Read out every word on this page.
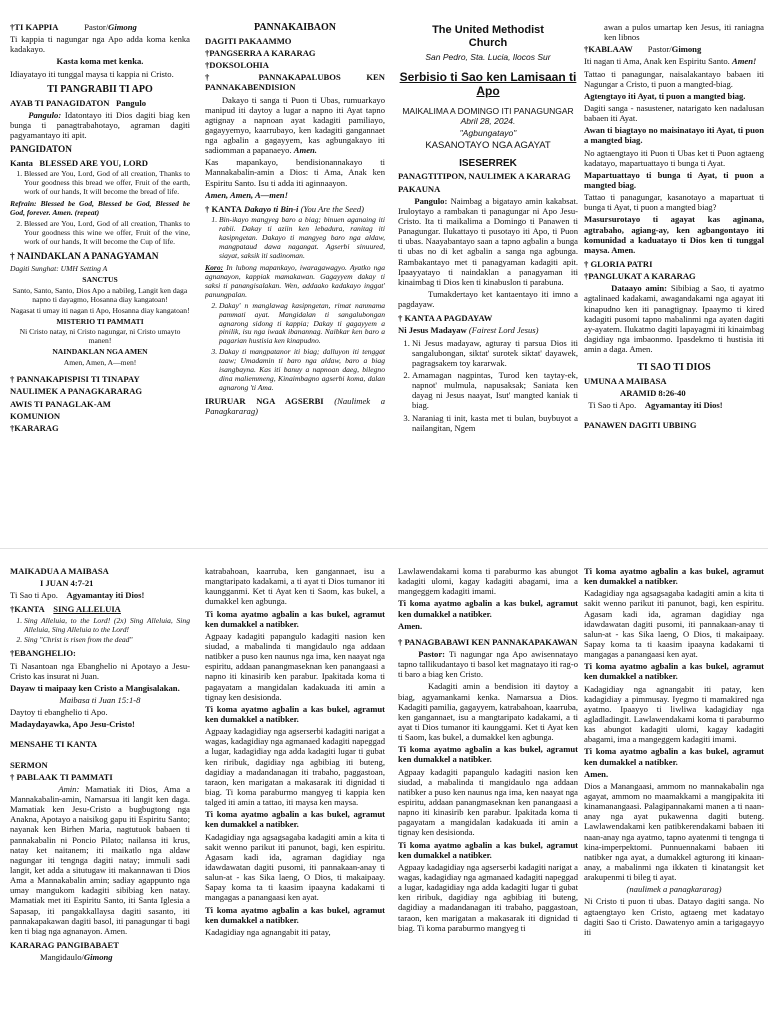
†TI KAPPIA	Pastor/Gimong

Ti kappia ti nagungar nga Apo adda koma kenka kadakayo.

Kasta koma met kenka.

Idiayatayo iti tunggal maysa ti kappia ni Cristo.

TI PANGRABII TI APO

AYAB TI PANAGIDATON Pangulo

Pangulo: Idatontayo iti Dios dagiti biag ken bunga ti panagtrabahotayo, agraman dagiti pagyamantayo iti apit.

PANGIDATON

Kanta BLESSED ARE YOU, LORD

1. Blessed are You, Lord, God of all creation, Thanks to Your goodness this bread we offer, Fruit of the earth, work of our hands, It will become the bread of life.

Refrain: Blessed be God, Blessed be God, Blessed be God, forever. Amen. (repeat)

2. Blessed are You, Lord, God of all creation, Thanks to Your goodness this wine we offer, Fruit of the vine, work of our hands, It will become the Cup of life.

† NAINDAKLAN A PANAGYAMAN

Dagiti Sunghat: UMH Setting A

SANCTUS

Santo, Santo, Santo, Dios Apo a nabileg, Langit ken daga napno ti dayagmo, Hosanna diay kangatoan!

Nagasat ti umay iti nagan ti Apo, Hosanna diay kangatoan!

MISTERIO TI PAMMATI

Ni Cristo natay, ni Cristo nagungar, ni Cristo umayto manen!

NAINDAKLAN NGA AMEN

Amen, Amen, A—men!

† PANNAKAPISPISI TI TINAPAY

NAULIMEK A PANAGKARARAG

AWIS TI PANAGLAK-AM

KOMUNION

†KARARAG

PANNAKAIBAON

DAGITI PAKAAMMO

†PANGSERRA A KARARAG

†DOKSOLOHIA

† PANNAKAPALUBOS KEN PANNAKABENDISION

Dakayo ti sanga ti Puon ti Ubas, rumuarkayo manipud iti daytoy a lugar a napno iti Ayat tapno agtignay a napnoan ayat kadagiti pamiliayo, gagayyemyo, kaarrubayo, ken kadagiti gangannaet nga agbalin a gagayyem, kas agbungakayo iti sadiomman a papanaeyo. Amen.

Kas mapankayo, bendisionannakayo ti Mannakabalin-amin a Dios: ti Ama, Anak ken Espiritu Santo. Isu ti adda iti aginnaayon.

Amen, Amen, A—men!

† KANTA Dakayo ti Bin-i (You Are the Seed)

1. Bin-ikayo mangyeg baro a biag; binuen aganaing iti rabii. Dakay ti aziin ken lebadura, ranitag iti kasipngetan. Dakayo ti mangyeg baro nga aldaw, mangpataud dawa nagangat. Agserbi sinuured, siayat, saksik iti sadinoman.

Koro: In lubong mapankayo, iwaragawagyo. Ayatko nga agnanayon, kappiak mamakawan. Gagayyem dakay ti saksi ti panangisalakan. Wen, addaako kadakayo inggat' panungpalan.

2. Dakay' n manglawag kasipngetan, rimat nanmama pammati ayat. Mangidalan ti sangalubongan agnarong sidong ti kappia; Dakay ti gagayyem a pinilik, isu nga iwaak ibanannag. Naibkar ken baro a pagarian hustisia ken kinapudno.
3. Dakay ti mangpatanor iti biag; dalluyon iti tenggat taaw; Umadamin ti baro nga aldaw, baro a biag isangbayna. Kas iti banuy a napnoan daeg, bilegno dina maliemmeng, Kinaimbagno agserbi koma, dalan agnarong 'ti Ama.

IRURUAR NGA AGSERBI (Naulimek a Panagkararag)

The United Methodist Church

San Pedro, Sta. Lucia, Ilocos Sur

Serbisio ti Sao ken Lamisaan ti Apo

MAIKALIMA A DOMINGO ITI PANAGUNGAR Abril 28, 2024.

"Agbungatayo"

KASANOTAYO NGA AGAYAT

ISESERREK

PANAGTITIPON, NAULIMEK A KARARAG

PAKAUNA

Pangulo: Naimbag a bigatayo amin kakabsat. Iruloytayo a rambakan ti panagungar ni Apo Jesu-Cristo. Ita ti maikalima a Domingo ti Panawen ti Panagungar. Ilukattayo ti pusotayo iti Apo, ti Puon ti ubas. Naayabantayo saan a tapno agbalin a bunga ti ubas no di ket agbalin a sanga nga agbunga. Rambakantayo met ti panagyaman kadagiti apit. Ipaayyatayo ti naindaklan a panagyaman iti kinaimbag ti Dios ken ti kinabuslon ti parabuna.

Tumakdertayo ket kantaentayo iti imno a pagdayaw.

† KANTA A PAGDAYAW

Ni Jesus Madayaw (Fairest Lord Jesus)

1. Ni Jesus madayaw, agturay ti parsua Dios iti sangalubongan, siktat' surotek siktat' dayawek, pagragsakem toy kararwak.
2. Amamagan nagpintas, Turod ken taytay-ek, napnot' mulmula, napusaksak; Saniata ken dayag ni Jesus naayat, Isut' mangted kaniak ti biag.
3. Naraniag ti init, kasta met ti bulan, buybuyot a nailangitan, Ngem

awan a pulos umartap ken Jesus, iti raniagna ken libnos

†KABLAAW Pastor/Gimong

Iti nagan ti Ama, Anak ken Espiritu Santo. Amen!

Tattao ti panagungar, naisalakantayo babaen iti Nagungar a Cristo, ti puon a mangted-biag.

Agtengtayo iti Ayat, ti puon a mangted biag.

Dagiti sanga - nasustener, natarigato ken nadalusan babaen iti Ayat.

Awan ti biagtayo no maisinatayo iti Ayat, ti puon a mangted biag.

No agtaengtayo iti Puon ti Ubas ket ti Puon agtaeng kadatayo, mapartuattayo ti bunga ti Ayat.

Mapartuattayo ti bunga ti Ayat, ti puon a mangted biag.

Tattao ti panagungar, kasanotayo a mapartuat ti bunga ti Ayat, ti puon a mangted biag?

Masursurotayo ti agayat kas aginana, agtrabaho, agiang-ay, ken agbangontayo iti komunidad a kaduatayo ti Dios ken ti tunggal maysa. Amen.

† GLORIA PATRI

†PANGLUKAT A KARARAG

Dataayo amin: Sibibiag a Sao, ti ayatmo agtalinaed kadakami, awagandakami nga agayat iti kinapudno ken iti panagtignay. Ipaaymo ti kired kadagiti pusomi tapno mabalinmi nga ayaten dagiti ay-ayatem. Ilukatmo dagiti lapayagmi iti kinaimbag dagidiay nga imbaonmo. Ipasdekmo ti hustisia iti amin a daga. Amen.

TI SAO TI DIOS

UMUNA A MAIBASA

ARAMID 8:26-40

Ti Sao ti Apo. Agyamantay iti Dios!

PANAWEN DAGITI UBBING

MAIKADUA A MAIBASA

I JUAN 4:7-21

Ti Sao ti Apo. Agyamantay iti Dios!

†KANTA SING ALLELUIA

1. Sing Alleluia, to the Lord! (2x) Sing Alleluia, Sing Alleluia, Sing Alleluia to the Lord!
2. Sing "Christ is risen from the dead"

†EBANGHELIO:

Ti Nasantoan nga Ebanghelio ni Apotayo a Jesu-Cristo kas insurat ni Juan.

Dayaw ti maipaay ken Cristo a Mangisalakan.

Maibasa ti Juan 15:1-8

Daytoy ti ebanghelio ti Apo.

Madaydayawka, Apo Jesu-Cristo!

MENSAHE TI KANTA

SERMON

† PABLAAK TI PAMMATI

Amin: Mamatiak iti Dios, Ama a Mannakabalin-amin, Namarsua iti langit ken daga. Mamatiak ken Jesu-Cristo a bugbugtong nga Anakna, Apotayo a naisikog gapu iti Espiritu Santo; nayanak ken Birhen Maria, nagtutuok babaen ti pannakabalin ni Poncio Pilato; nailansa iti krus, natay ket naitanem; iti maikatlo nga aldaw nagungar iti tengnga dagiti natay; immuli sadi langit, ket adda a situtugaw iti makannawan ti Dios Ama a Mannakabalin amin; sadiay agappunto nga umay mangukom kadagiti sibibiag ken natay. Mamatiak met iti Espiritu Santo, iti Santa Iglesia a Sapasap, iti pangakkallaysa dagiti sasanto, iti pannakapakawan dagiti basol, iti panagungar ti bagi ken ti biag nga agnanayon. Amen.

KARARAG PANGIBABAET

Mangidaulo/Gimong

katrabahoan, kaarruba, ken gangannaet, isu a mangtaripato kadakami, a ti ayat ti Dios tumanor iti kaungganmi. Ket ti Ayat ken ti Saom, kas bukel, a dumakkel ken agbunga.

Ti koma ayatmo agbalin a kas bukel, agramut ken dumakkel a natibker.

Agpaay kadagiti papangulo kadagiti nasion ken siudad, a mabalinda ti mangidaulo nga addaan natibker a puso ken naunus nga ima, ken naayat nga espiritu, addaan panangmaseknan ken panangaasi a napno iti kinasirib ken parabur. Ipakitada koma ti pagayatam a mangidalan kadakuada iti amin a tignay ken desisionda.

Ti koma ayatmo agbalin a kas bukel, agramut ken dumakkel a natibker.

Agpaay kadagidiay nga agserserbi kadagiti narigat a wagas, kadagidiay nga agmanaed kadagiti napeggad a lugar, kadagidiay nga adda kadagiti lugar ti gubat ken riribuk, dagidiay nga agbibiag iti buteng, dagidiay a madandanagan iti trabaho, paggastoan, taraon, ken marigatan a makasarak iti dignidad ti biag. Ti koma paraburmo mangyeg ti kappia ken talged iti amin a tattao, iti maysa ken maysa.

Ti koma ayatmo agbalin a kas bukel, agramut ken dumakkel a natibker.

Kadagidiay nga agsagsagaba kadagiti amin a kita ti sakit wenno parikut iti panunot, bagi, ken espiritu. Agasam kadi ida, agraman dagidiay nga idawdawatan dagiti pusomi, iti pannakaan-anay ti salun-at - kas Sika laeng, O Dios, ti makaipaay. Sapay koma ta ti kaasim ipaayna kadakami ti mangagas a panangaasi ken ayat.

Ti koma ayatmo agbalin a kas bukel, agramut ken dumakkel a natibker.

Kadagidiay nga agnangabit iti patay,

Lawlawendakami koma ti paraburmo kas abungot kadagiti ulomi, kagay kadagiti abagami, ima a mangeggem kadagiti imami.

Ti koma ayatmo agbalin a kas bukel, agramut ken dumakkel a natibker.

Amen.

† PANAGBABAWI KEN PANNAKAPAKAWAN

Pastor: Ti nagungar nga Apo awisennatayo tapno tallikudantayo ti basol ket magnatayo iti rag-o ti baro a biag ken Cristo.

Kadagiti amin a bendision iti daytoy a biag, agyamankami kenka. Namarsua a Dios. Kadagiti pamilia, gagayyem, katrabahoan, kaarruba, ken gangannaet, isu a mangtaripato kadakami, a ti ayat ti Dios tumanor iti kaunggami. Ket ti Ayat ken ti Saom, kas bukel, a dumakkel ken agbunga.

Ti koma ayatmo agbalin a kas bukel, agramut ken dumakkel a natibker.

Agpaay kadagiti papangulo kadagiti nasion ken siudad, a mabalinda ti mangidaulo nga addaan natibker a puso ken naunus nga ima, ken naayat nga espiritu, addaan panangmaseknan ken panangaasi a napno iti kinasirib ken parabur. Ipakitada koma ti pagayatam a mangidalan kadakuada iti amin a tignay ken desisionda.

Ti koma ayatmo agbalin a kas bukel, agramut ken dumakkel a natibker.

Agpaay kadagidiay nga agserserbi kadagiti narigat a wagas, kadagidiay nga agmanaed kadagiti napeggad a lugar, kadagidiay nga adda kadagiti lugar ti gubat ken riribuk, dagidiay nga agbibiag iti buteng, dagidiay a madandanagan iti trabaho, paggastoan, taraon, ken marigatan a makasarak iti dignidad ti biag. Ti koma paraburmo mangyeg ti

Ti koma ayatmo agbalin a kas bukel, agramut ken dumakkel a natibker.

Kadagidiay nga agsagsagaba kadagiti amin a kita ti sakit wenno parikut iti panunot, bagi, ken espiritu. Agasam kadi ida, agraman dagidiay nga idawdawatan dagiti pusomi, iti pannakaan-anay ti salun-at - kas Sika laeng, O Dios, ti makaipaay. Sapay koma ta ti kaasim ipaayna kadakami ti mangagas a panangaasi ken ayat.

Ti koma ayatmo agbalin a kas bukel, agramut ken dumakkel a natibker.

Kadagidiay nga agnangabit iti patay, ken kadagidiay a pimmusay. Iyegmo ti mamakired nga ayatmo. Ipaayyo ti liwliwa kadagidiay nga agladladingit. Lawlawendakami koma ti paraburmo kas abungot kadagiti ulomi, kagay kadagiti abagami, ima a mangeggem kadagiti imami.

Ti koma ayatmo agbalin a kas bukel, agramut ken dumakkel a natibker.

Amen.

Dios a Manangaasi, ammom no mannakabalin nga agayat, ammom no maamakkami a mangipakita iti kinamanangaasi. Palagipannakami manen a ti naan-anay nga ayat pukawenna dagiti buteng. Lawlawendakami ken patibkerendakami babaen iti naan-anay nga ayatmo, tapno ayatenmi ti tengnga ti kina-imperpektomi. Punnuennakami babaen iti natibker nga ayat, a dumakkel agturong iti kinaan-anay, a mabalinmi nga ikkaten ti kinatangsit ket arakupenmi ti bileg ti ayat.

(naulimek a panagkararag)

Ni Cristo ti puon ti ubas. Datayo dagiti sanga. No agtaengtayo ken Cristo, agtaeng met kadatayo dagiti Sao ti Cristo. Dawatenyo amin a tarigagayyo iti
